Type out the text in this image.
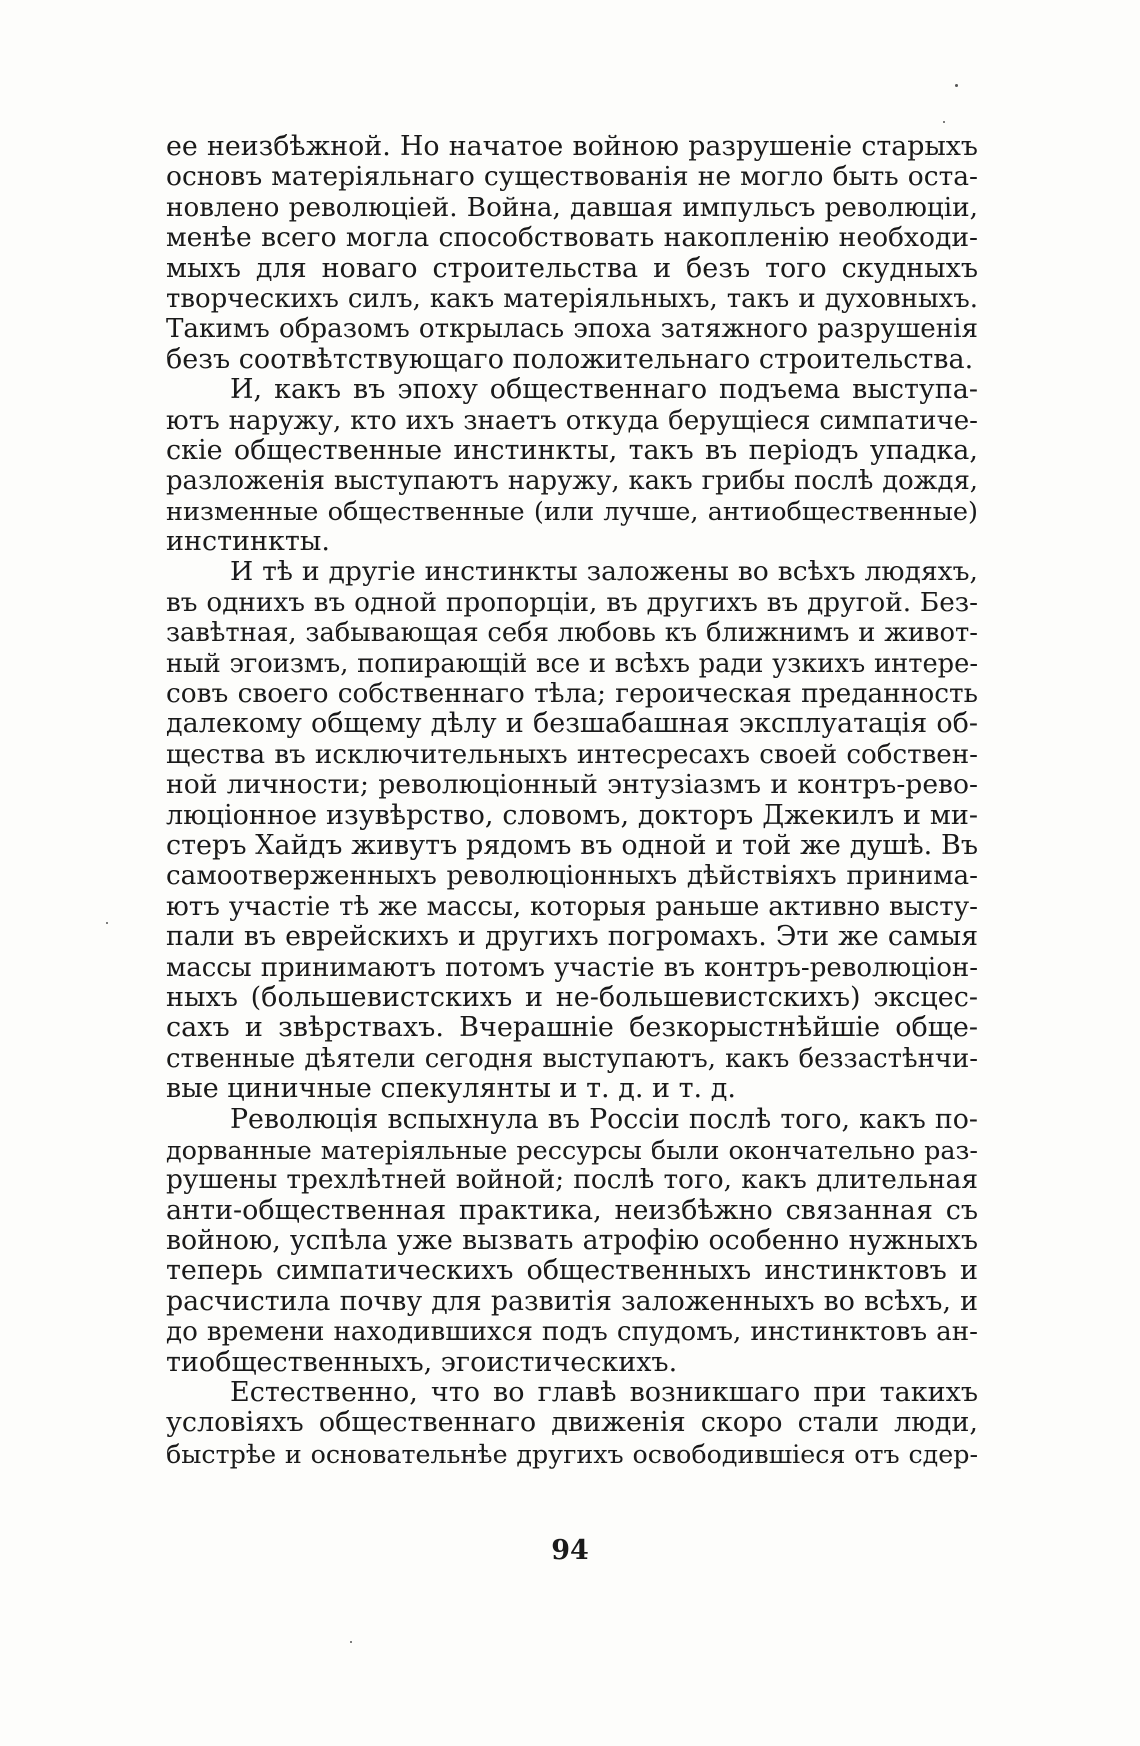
ее неизбѣжной. Но начатое войною разрушеніе старыхъ
основъ матеріяльнаго существованія не могло быть оста-
новлено революціей. Война, давшая импульсъ революціи,
менѣе всего могла способствовать накопленію необходи-
мыхъ для новаго строительства и безъ того скудныхъ
творческихъ силъ, какъ матеріяльныхъ, такъ и духовныхъ.
Такимъ образомъ открылась эпоха затяжного разрушенія
безъ соотвѣтствующаго положительнаго строительства.
И, какъ въ эпоху общественнаго подъема выступа-
ютъ наружу, кто ихъ знаетъ откуда берущіеся симпатиче-
скіе общественные инстинкты, такъ въ періодъ упадка,
разложенія выступаютъ наружу, какъ грибы послѣ дождя,
низменные общественные (или лучше, антиобщественные)
инстинкты.
И тѣ и другіе инстинкты заложены во всѣхъ людяхъ,
въ однихъ въ одной пропорціи, въ другихъ въ другой. Без-
завѣтная, забывающая себя любовь къ ближнимъ и живот-
ный эгоизмъ, попирающій все и всѣхъ ради узкихъ интере-
совъ своего собственнаго тѣла; героическая преданность
далекому общему дѣлу и безшабашная эксплуатація об-
щества въ исключительныхъ интесресахъ своей собствен-
ной личности; революціонный энтузіазмъ и контръ-рево-
люціонное изувѣрство, словомъ, докторъ Джекилъ и ми-
стеръ Хайдъ живутъ рядомъ въ одной и той же душѣ. Въ
самоотверженныхъ революціонныхъ дѣйствіяхъ принима-
ютъ участіе тѣ же массы, которыя раньше активно высту-
пали въ еврейскихъ и другихъ погромахъ. Эти же самыя
массы принимаютъ потомъ участіе въ контръ-революціон-
ныхъ (большевистскихъ и не-большевистскихъ) эксцес-
сахъ и звѣрствахъ. Вчерашніе безкорыстнѣйшіе обще-
ственные дѣятели сегодня выступаютъ, какъ беззастѣнчи-
вые циничные спекулянты и т. д. и т. д.
Революція вспыхнула въ Россіи послѣ того, какъ по-
дорванные матеріяльные рессурсы были окончательно раз-
рушены трехлѣтней войной; послѣ того, какъ длительная
анти-общественная практика, неизбѣжно связанная съ
войною, успѣла уже вызвать атрофію особенно нужныхъ
теперь симпатическихъ общественныхъ инстинктовъ и
расчистила почву для развитія заложенныхъ во всѣхъ, и
до времени находившихся подъ спудомъ, инстинктовъ ан-
тиобщественныхъ, эгоистическихъ.
Естественно, что во главѣ возникшаго при такихъ
условіяхъ общественнаго движенія скоро стали люди,
быстрѣе и основательнѣе другихъ освободившіеся отъ сдер-
94
